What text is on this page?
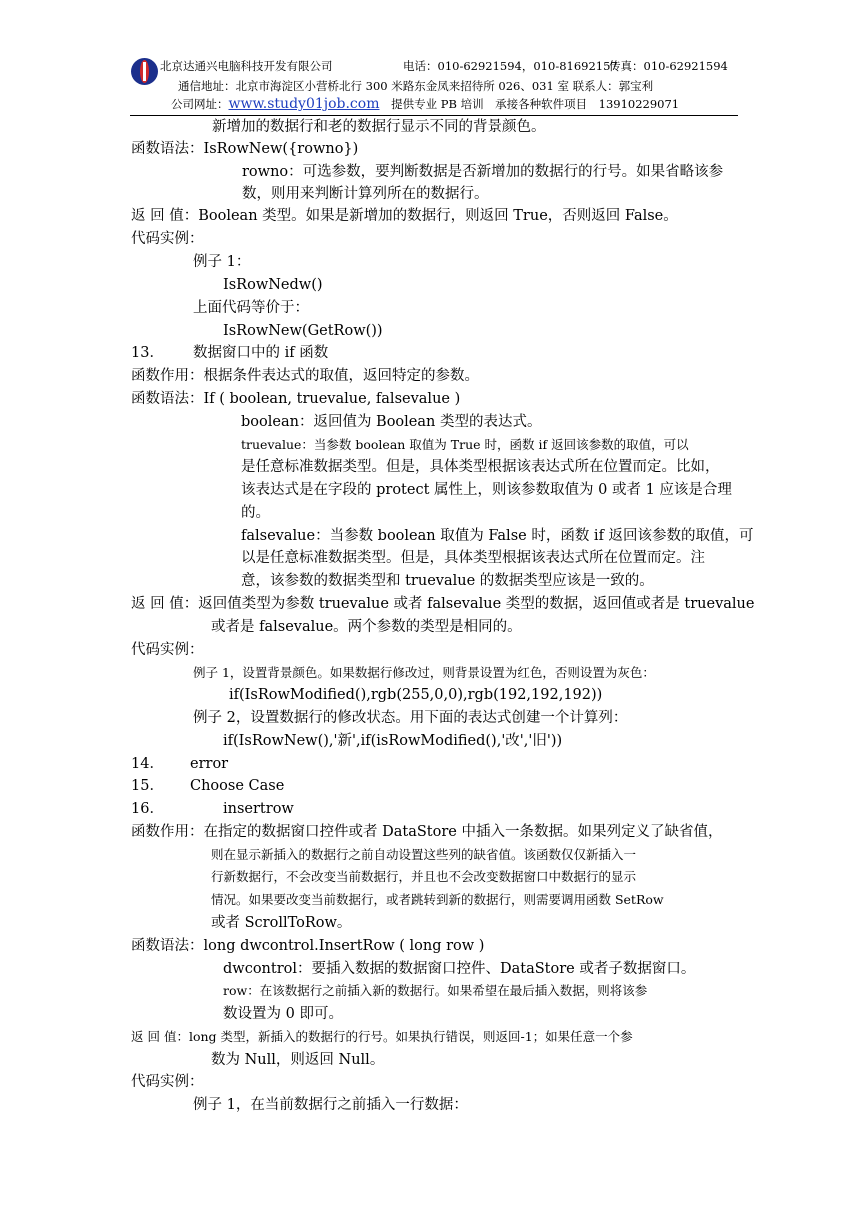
北京达通兴电脑科技开发有限公司	电话：010-62921594，010-81692157
传真：010-62921594
通信地址：北京市海淀区小营桥北行 300 米路东金凤来招待所 026、031 室 联系人：郭宝利
公司网址：www.study01job.com 提供专业 PB 培训　承接各种软件项目　13910229071
新增加的数据行和老的数据行显示不同的背景颜色。
函数语法：IsRowNew({rowno})
rowno：可选参数，要判断数据是否新增加的数据行的行号。如果省略该参
数，则用来判断计算列所在的数据行。
返 回 值：Boolean 类型。如果是新增加的数据行，则返回 True，否则返回 False。
代码实例：
例子 1：
IsRowNedw()
上面代码等价于：
IsRowNew(GetRow())
13． 数据窗口中的 if 函数
函数作用：根据条件表达式的取值，返回特定的参数。
函数语法：If ( boolean, truevalue, falsevalue )
boolean：返回值为 Boolean 类型的表达式。
truevalue：当参数 boolean 取值为 True 时，函数 if 返回该参数的取值，可以
是任意标准数据类型。但是，具体类型根据该表达式所在位置而定。比如，
该表达式是在字段的 protect 属性上，则该参数取值为 0 或者 1 应该是合理
的。
falsevalue：当参数 boolean 取值为 False 时，函数 if 返回该参数的取值，可
以是任意标准数据类型。但是，具体类型根据该表达式所在位置而定。注
意，该参数的数据类型和 truevalue 的数据类型应该是一致的。
返 回 值：返回值类型为参数 truevalue 或者 falsevalue 类型的数据，返回值或者是 truevalue
或者是 falsevalue。两个参数的类型是相同的。
代码实例：
例子 1，设置背景颜色。如果数据行修改过，则背景设置为红色，否则设置为灰色：
if(IsRowModified(),rgb(255,0,0),rgb(192,192,192))
例子 2，设置数据行的修改状态。用下面的表达式创建一个计算列：
if(IsRowNew(),'新',if(isRowModified(),'改','旧'))
14． error
15． Choose Case
16．	insertrow
函数作用：在指定的数据窗口控件或者 DataStore 中插入一条数据。如果列定义了缺省值，
则在显示新插入的数据行之前自动设置这些列的缺省值。该函数仅仅新插入一
行新数据行，不会改变当前数据行，并且也不会改变数据窗口中数据行的显示
情况。如果要改变当前数据行，或者跳转到新的数据行，则需要调用函数 SetRow
或者 ScrollToRow。
函数语法：long dwcontrol.InsertRow ( long row )
dwcontrol：要插入数据的数据窗口控件、DataStore 或者子数据窗口。
row：在该数据行之前插入新的数据行。如果希望在最后插入数据，则将该参
数设置为 0 即可。
返 回 值：long 类型，新插入的数据行的行号。如果执行错误，则返回-1；如果任意一个参
数为 Null，则返回 Null。
代码实例：
例子 1，在当前数据行之前插入一行数据：
